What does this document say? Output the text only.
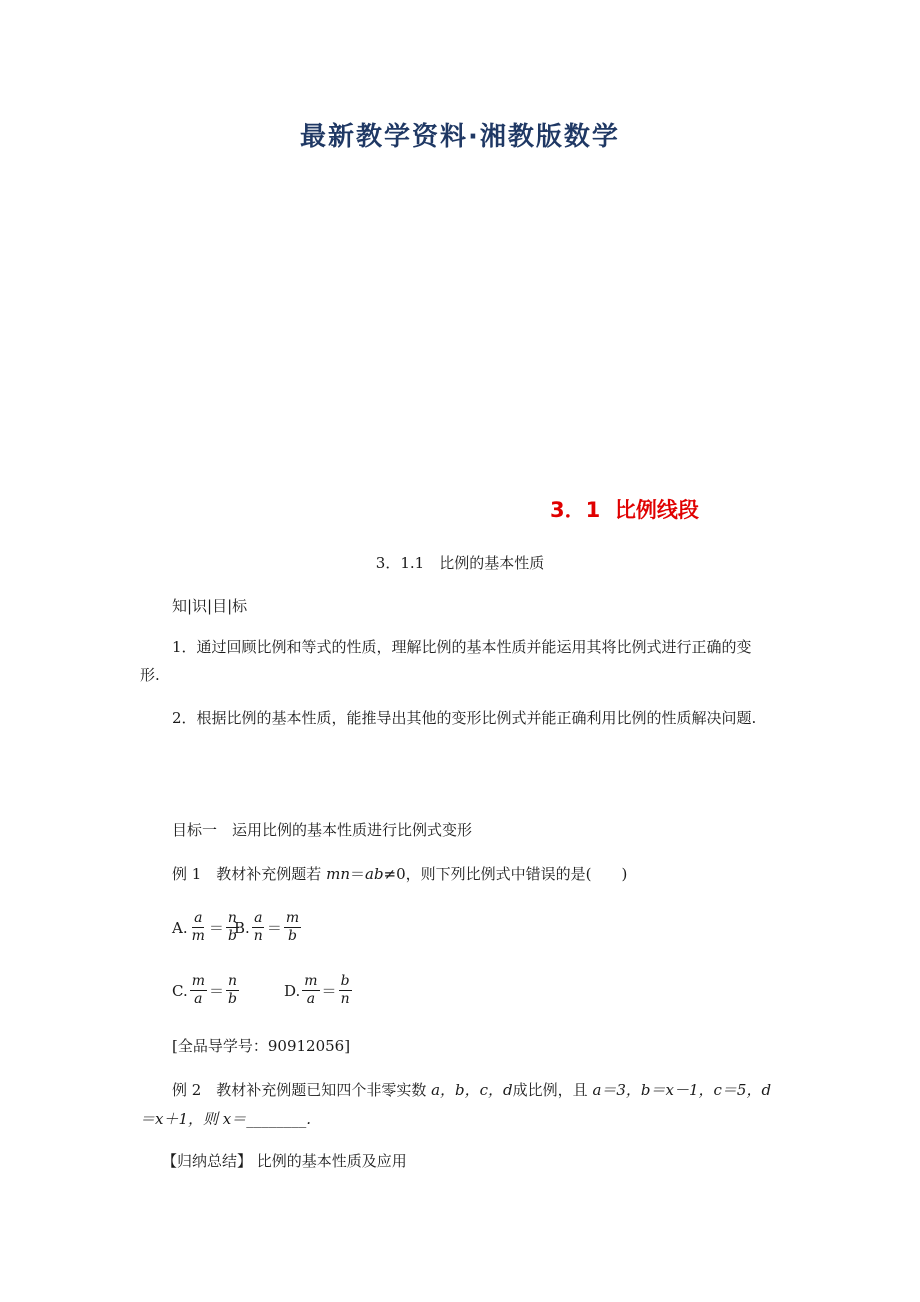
最新教学资料·湘教版数学
3．1 比例线段
3．1.1　比例的基本性质
知|识|目|标
1．通过回顾比例和等式的性质，理解比例的基本性质并能运用其将比例式进行正确的变形.
2．根据比例的基本性质，能推导出其他的变形比例式并能正确利用比例的性质解决问题.
目标一　运用比例的基本性质进行比例式变形
例 1　教材补充例题若 mn＝ab≠0，则下列比例式中错误的是(　　)
A. $\frac{a}{m} = \frac{n}{b}$
B. $\frac{a}{n} = \frac{m}{b}$
C. $\frac{m}{a} = \frac{n}{b}$	D. $\frac{m}{a} = \frac{b}{n}$
[全品导学号：90912056]
例 2　教材补充例题已知四个非零实数 a，b，c，d成比例，且 a＝3，b＝x－1，c＝5，d
＝x＋1，则 x＝________.
【归纳总结】 比例的基本性质及应用
